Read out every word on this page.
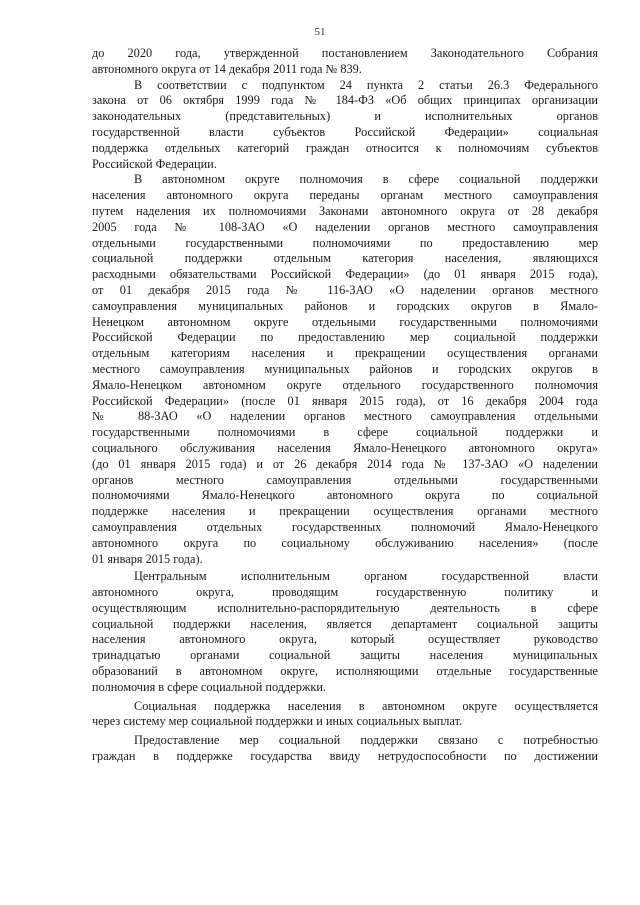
51
до 2020 года, утвержденной постановлением Законодательного Собрания
автономного округа от 14 декабря 2011 года № 839.
В соответствии с подпунктом 24 пункта 2 статьи 26.3 Федерального
закона от 06 октября 1999 года № 184-ФЗ «Об общих принципах организации
законодательных (представительных) и исполнительных органов
государственной власти субъектов Российской Федерации» социальная
поддержка отдельных категорий граждан относится к полномочиям субъектов
Российской Федерации.
В автономном округе полномочия в сфере социальной поддержки
населения автономного округа переданы органам местного самоуправления
путем наделения их полномочиями Законами автономного округа от 28 декабря
2005 года № 108-ЗАО «О наделении органов местного самоуправления
отдельными государственными полномочиями по предоставлению мер
социальной поддержки отдельным категория населения, являющихся
расходными обязательствами Российской Федерации» (до 01 января 2015 года),
от 01 декабря 2015 года № 116-ЗАО «О наделении органов местного
самоуправления муниципальных районов и городских округов в Ямало-
Ненецком автономном округе отдельными государственными полномочиями
Российской Федерации по предоставлению мер социальной поддержки
отдельным категориям населения и прекращении осуществления органами
местного самоуправления муниципальных районов и городских округов в
Ямало-Ненецком автономном округе отдельного государственного полномочия
Российской Федерации» (после 01 января 2015 года), от 16 декабря 2004 года
№ 88-ЗАО «О наделении органов местного самоуправления отдельными
государственными полномочиями в сфере социальной поддержки и
социального обслуживания населения Ямало-Ненецкого автономного округа»
(до 01 января 2015 года) и от 26 декабря 2014 года № 137-ЗАО «О наделении
органов местного самоуправления отдельными государственными
полномочиями Ямало-Ненецкого автономного округа по социальной
поддержке населения и прекращении осуществления органами местного
самоуправления отдельных государственных полномочий Ямало-Ненецкого
автономного округа по социальному обслуживанию населения» (после
01 января 2015 года).
Центральным исполнительным органом государственной власти
автономного округа, проводящим государственную политику и
осуществляющим исполнительно-распорядительную деятельность в сфере
социальной поддержки населения, является департамент социальной защиты
населения автономного округа, который осуществляет руководство
тринадцатью органами социальной защиты населения муниципальных
образований в автономном округе, исполняющими отдельные государственные
полномочия в сфере социальной поддержки.
Социальная поддержка населения в автономном округе осуществляется
через систему мер социальной поддержки и иных социальных выплат.
Предоставление мер социальной поддержки связано с потребностью
граждан в поддержке государства ввиду нетрудоспособности по достижении
